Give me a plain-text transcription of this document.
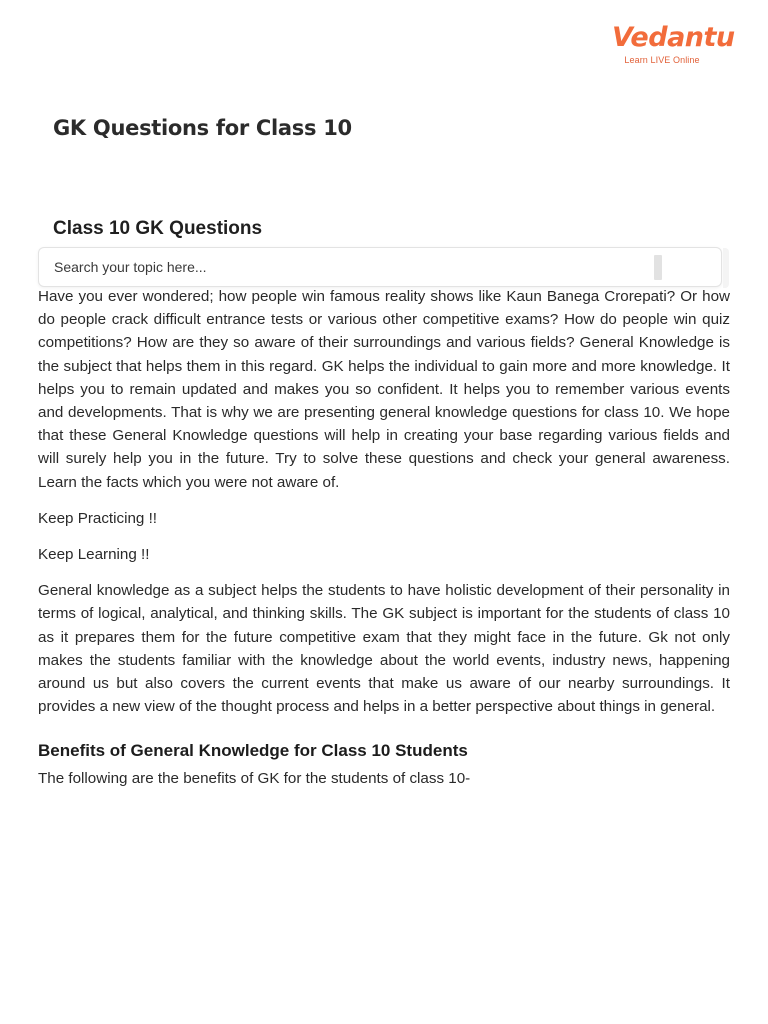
Vedantu
Learn LIVE Online
GK Questions for Class 10
Class 10 GK Questions
Search your topic here...

Have you ever wondered; how people win famous reality shows like Kaun Banega Crorepati? Or how do people crack difficult entrance tests or various other competitive exams? How do people win quiz competitions? How are they so aware of their surroundings and various fields? General Knowledge is the subject that helps them in this regard. GK helps the individual to gain more and more knowledge. It helps you to remain updated and makes you so confident. It helps you to remember various events and developments. That is why we are presenting general knowledge questions for class 10. We hope that these General Knowledge questions will help in creating your base regarding various fields and will surely help you in the future. Try to solve these questions and check your general awareness. Learn the facts which you were not aware of.

Keep Practicing !!

Keep Learning !!

General knowledge as a subject helps the students to have holistic development of their personality in terms of logical, analytical, and thinking skills. The GK subject is important for the students of class 10 as it prepares them for the future competitive exam that they might face in the future. Gk not only makes the students familiar with the knowledge about the world events, industry news, happening around us but also covers the current events that make us aware of our nearby surroundings. It provides a new view of the thought process and helps in a better perspective about things in general.

Benefits of General Knowledge for Class 10 Students

The following are the benefits of GK for the students of class 10-
